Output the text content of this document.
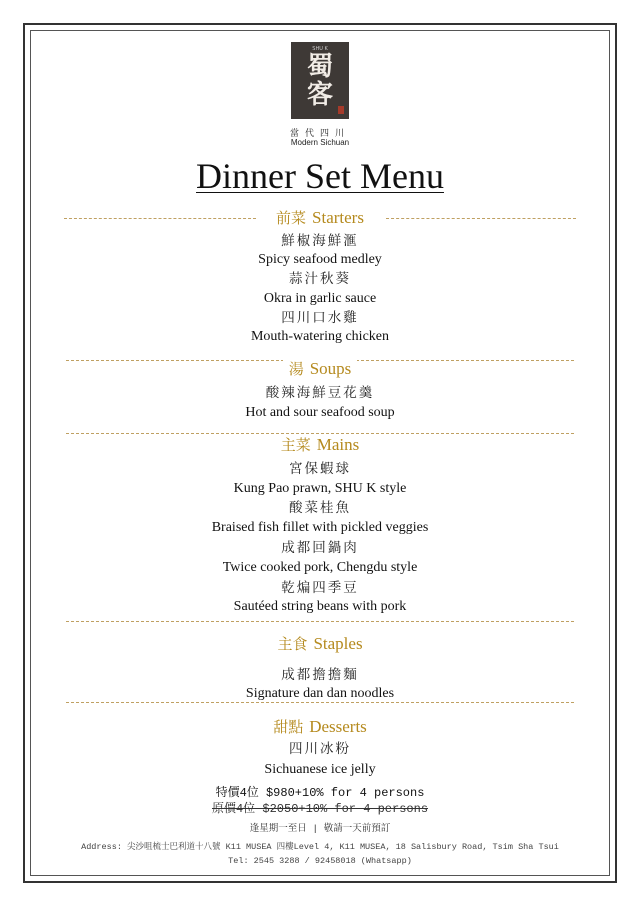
SHU K
蜀
客
當代四川
Modern Sichuan
Dinner Set Menu
前菜 Starters
鮮椒海鮮滙
Spicy seafood medley
蒜汁秋葵
Okra in garlic sauce
四川口水雞
Mouth-watering chicken
湯 Soups
酸辣海鮮豆花羹
Hot and sour seafood soup
主菜 Mains
宮保蝦球
Kung Pao prawn, SHU K style
酸菜桂魚
Braised fish fillet with pickled veggies
成都回鍋肉
Twice cooked pork, Chengdu style
乾煸四季豆
Sautéed string beans with pork
主食 Staples
成都擔擔麵
Signature dan dan noodles
甜點 Desserts
四川冰粉
Sichuanese ice jelly
特價4位 $980+10% for 4 persons
原價4位 $2050+10% for 4 persons
逢星期一至日 | 敬請一天前預訂
Address: 尖沙咀梳士巴利道十八號 K11 MUSEA 四樓Level 4, K11 MUSEA, 18 Salisbury Road, Tsim Sha Tsui
Tel: 2545 3288 / 92458018 (Whatsapp)
